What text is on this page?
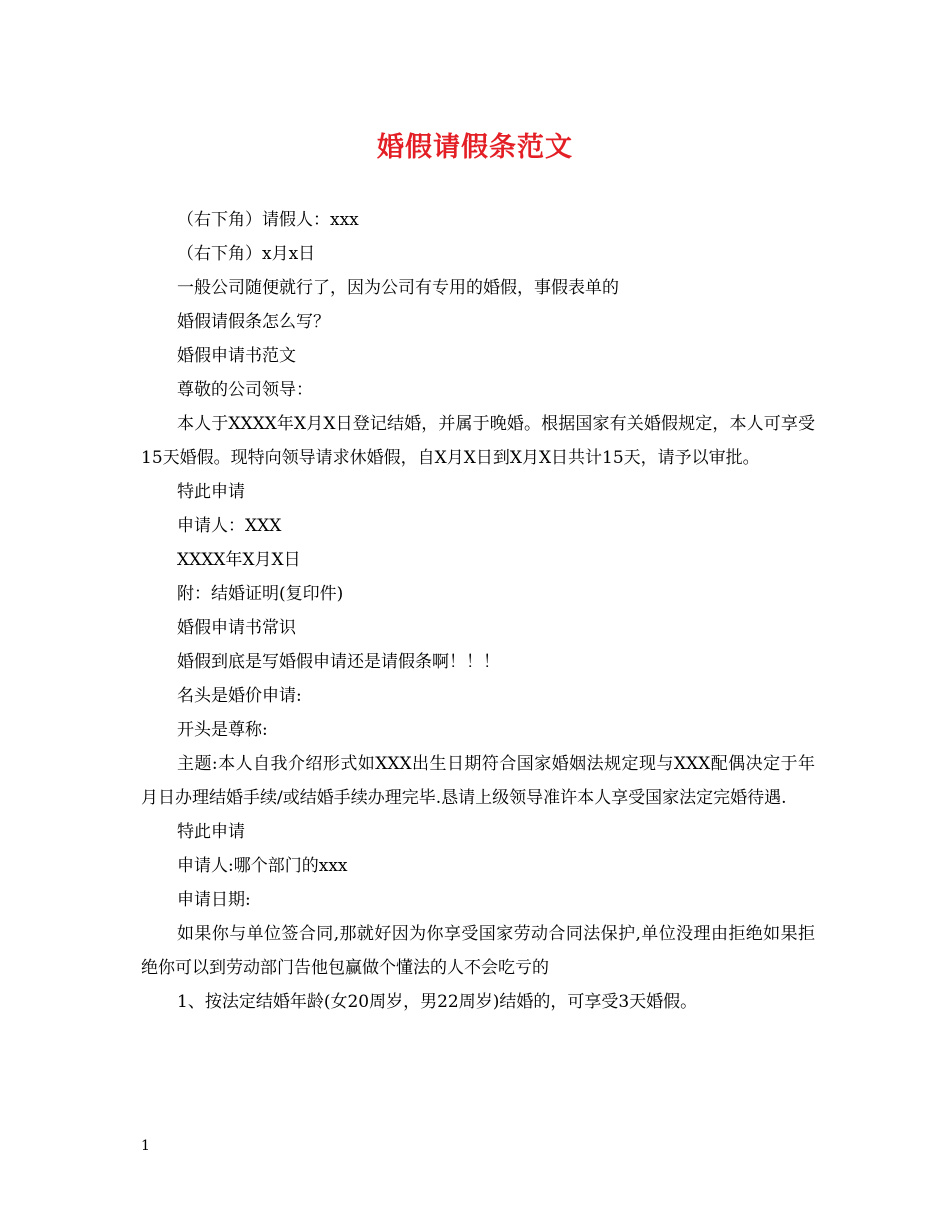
婚假请假条范文

（右下角）请假人：xxx

（右下角）x月x日

一般公司随便就行了，因为公司有专用的婚假，事假表单的

婚假请假条怎么写？

婚假申请书范文

尊敬的公司领导：

本人于XXXX年X月X日登记结婚，并属于晚婚。根据国家有关婚假规定，本人可享受15天婚假。现特向领导请求休婚假，自X月X日到X月X日共计15天，请予以审批。

特此申请

申请人：XXX

XXXX年X月X日

附：结婚证明(复印件)

婚假申请书常识

婚假到底是写婚假申请还是请假条啊！！！

名头是婚价申请:

开头是尊称:

主题:本人自我介绍形式如XXX出生日期符合国家婚姻法规定现与XXX配偶决定于年月日办理结婚手续/或结婚手续办理完毕.恳请上级领导准许本人享受国家法定完婚待遇.

特此申请

申请人:哪个部门的xxx

申请日期:

如果你与单位签合同,那就好因为你享受国家劳动合同法保护,单位没理由拒绝如果拒绝你可以到劳动部门告他包赢做个懂法的人不会吃亏的

1、按法定结婚年龄(女20周岁，男22周岁)结婚的，可享受3天婚假。

1
